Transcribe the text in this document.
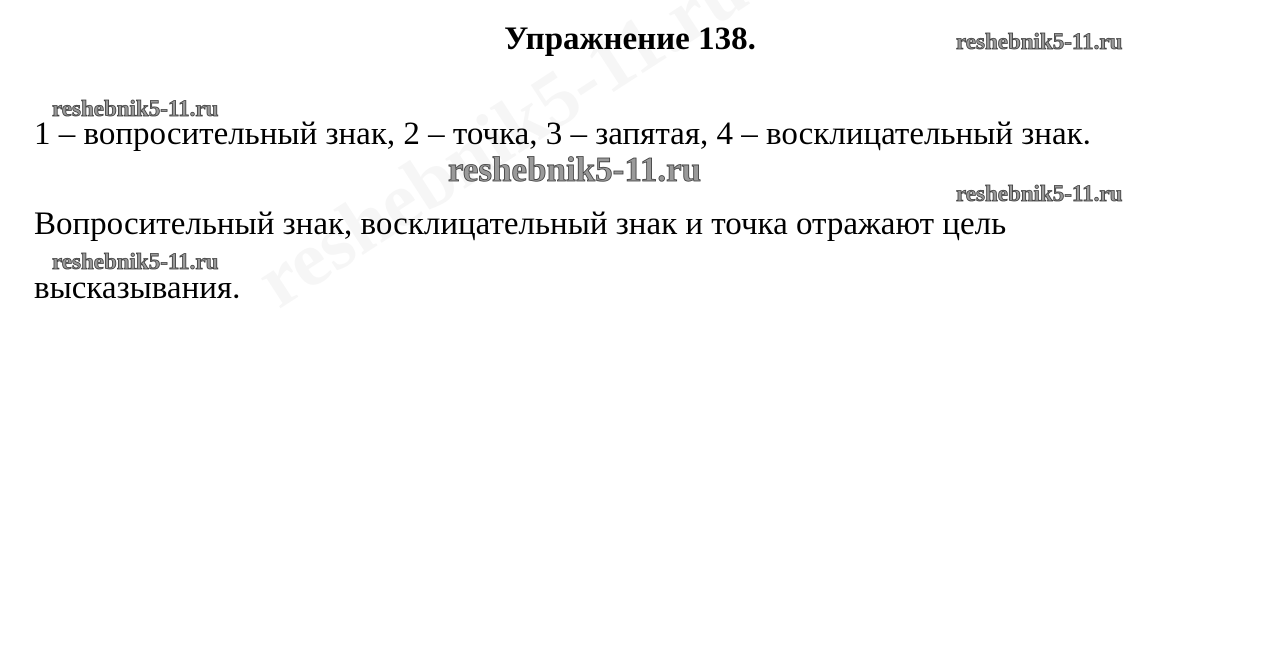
Упражнение 138.
1 – вопросительный знак, 2 – точка, 3 – запятая, 4 – восклицательный знак.
Вопросительный знак, восклицательный знак и точка отражают цель
высказывания.
reshebnik5-11.ru
reshebnik5-11.ru
reshebnik5-11.ru
reshebnik5-11.ru
reshebnik5-11.ru
